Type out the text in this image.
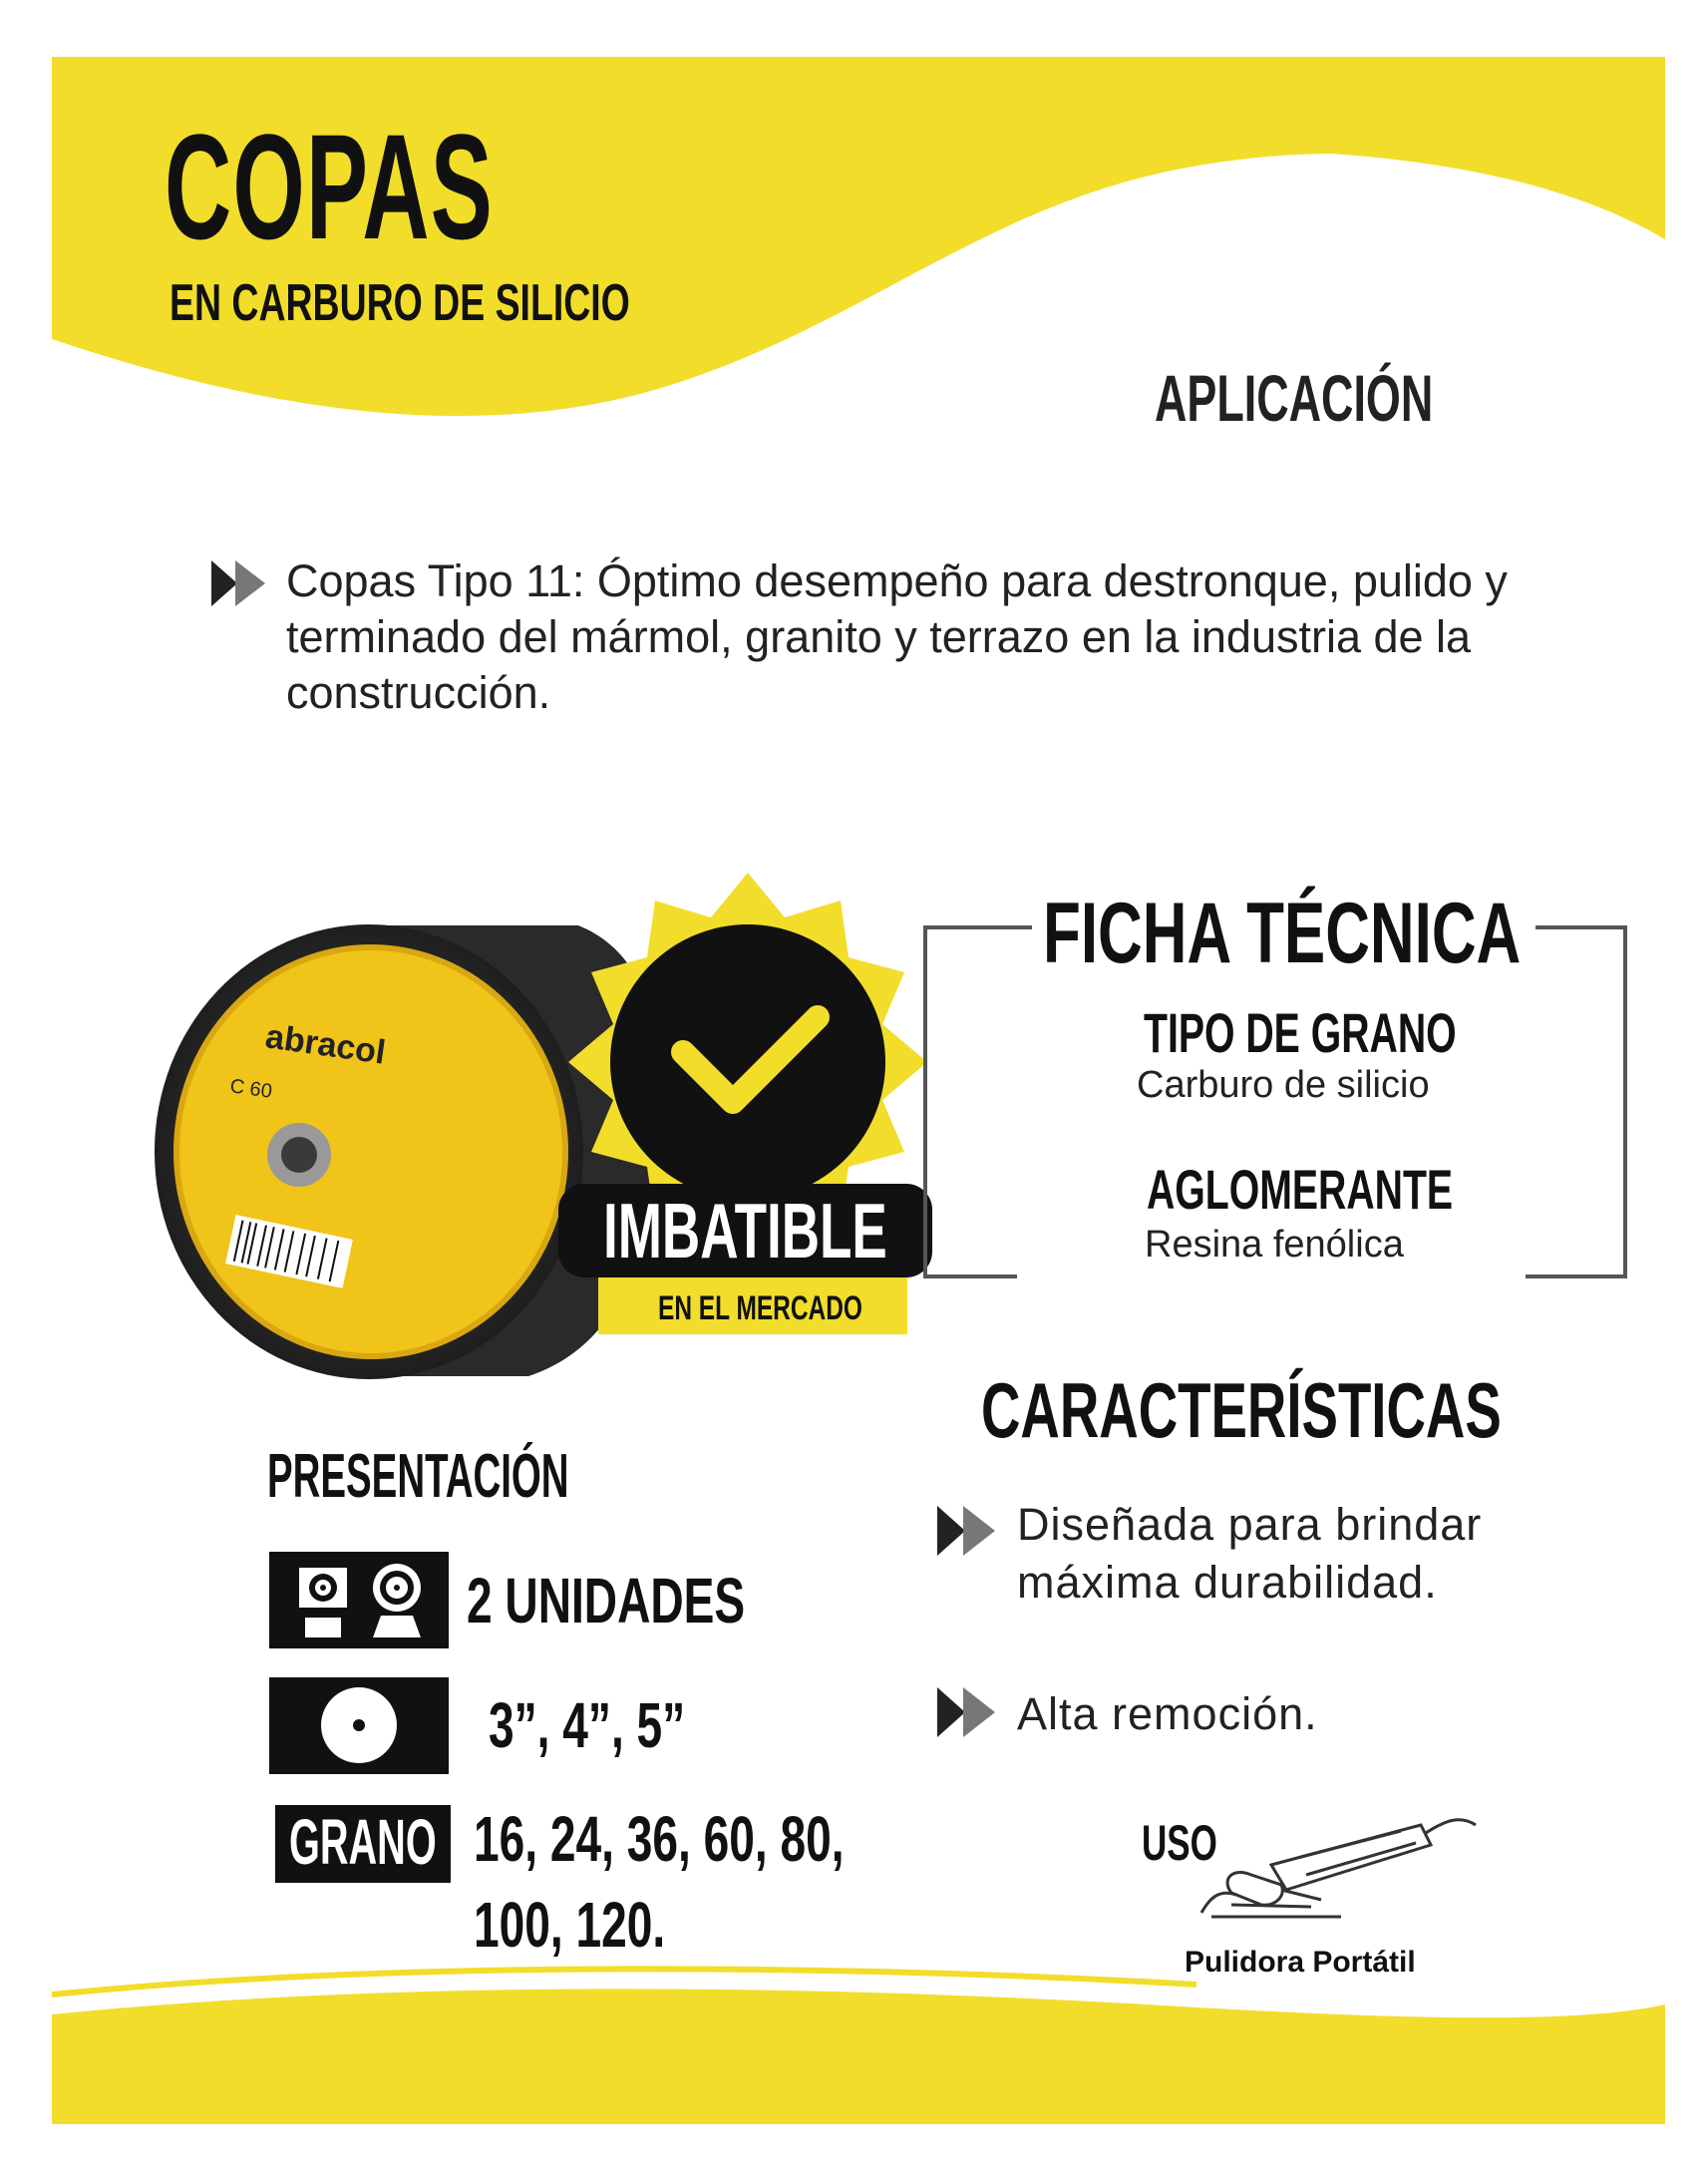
COPAS
EN CARBURO DE SILICIO
APLICACIÓN
Copas Tipo 11: Óptimo desempeño para destronque, pulido y terminado del mármol, granito y terrazo en la industria de la construcción.
abracol
C 60
IMBATIBLE
EN EL MERCADO
FICHA TÉCNICA
TIPO DE GRANO
Carburo de silicio
AGLOMERANTE
Resina fenólica
CARACTERÍSTICAS
Diseñada para brindar máxima durabilidad.
Alta remoción.
PRESENTACIÓN
2 UNIDADES
3”, 4”, 5”
GRANO 16, 24, 36, 60, 80,
100, 120.
USO
Pulidora Portátil
